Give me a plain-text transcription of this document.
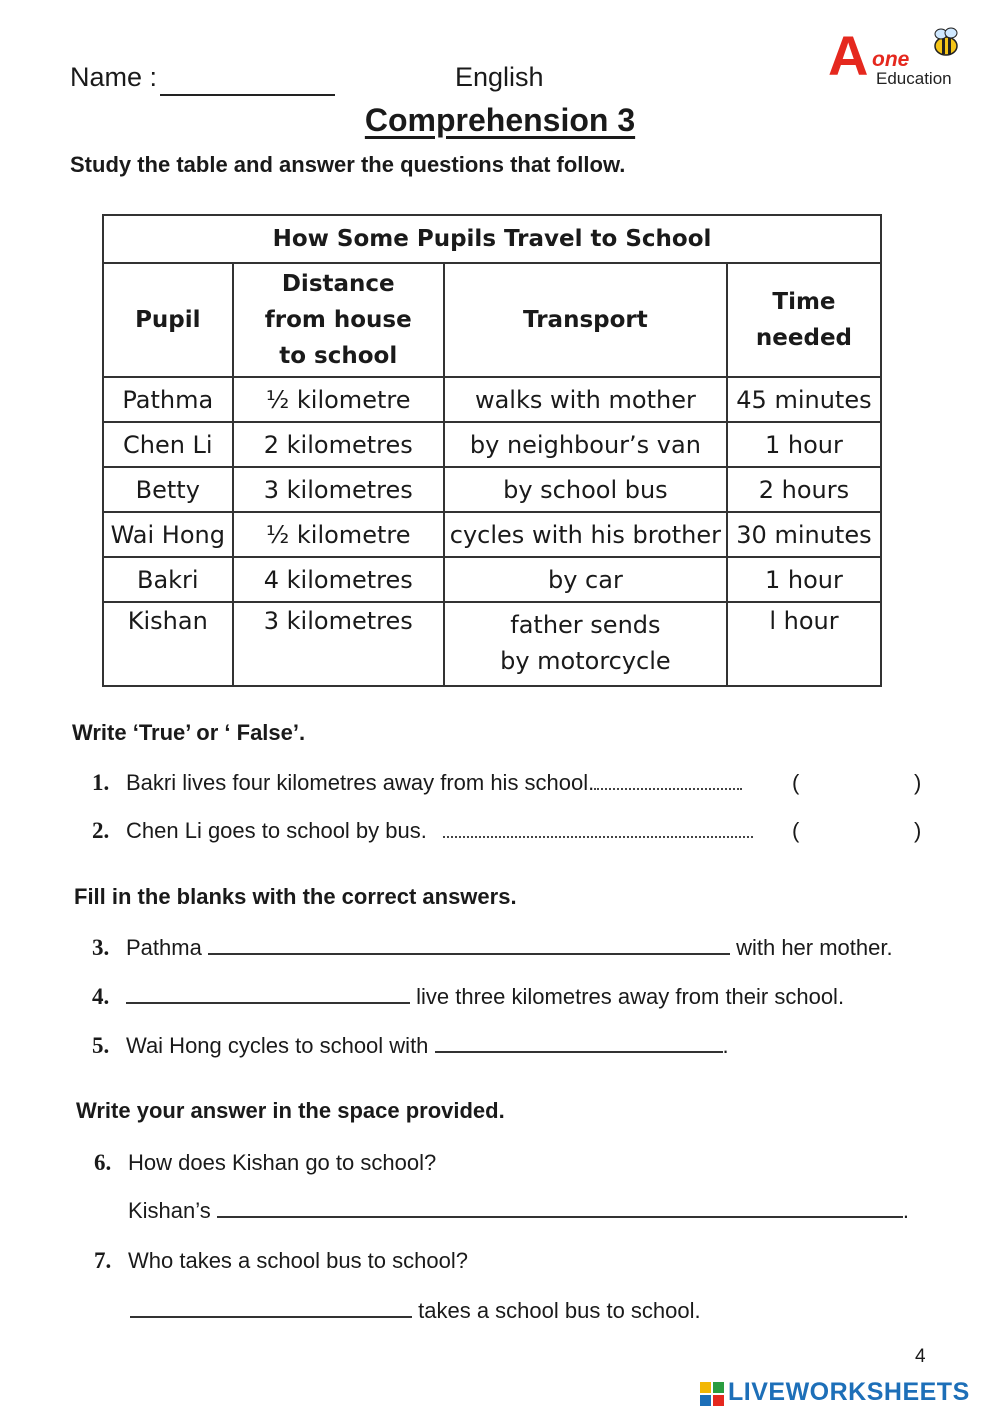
Name :	English	A one
Education
Comprehension 3
Study the table and answer the questions that follow.
How Some Pupils Travel to School			
Pupil	Distance from house to school	Transport	Time needed
Pathma	½ kilometre	walks with mother	45 minutes
Chen Li	2 kilometres	by neighbour’s van	1 hour
Betty	3 kilometres	by school bus	2 hours
Wai Hong	½ kilometre	cycles with his brother	30 minutes
Bakri	4 kilometres	by car	1 hour
Kishan	3 kilometres	father sends by motorcycle	l hour
Write ‘True’ or ‘ False’.
1. Bakri lives four kilometres away from his school.	(	)
2. Chen Li goes to school by bus.	(	)
Fill in the blanks with the correct answers.
3. Pathma	with her mother.
4.	live three kilometres away from their school.
5. Wai Hong cycles to school with	.
Write your answer in the space provided.
6. How does Kishan go to school?
Kishan’s	.
7. Who takes a school bus to school?
takes a school bus to school.
4
LIVEWORKSHEETS
